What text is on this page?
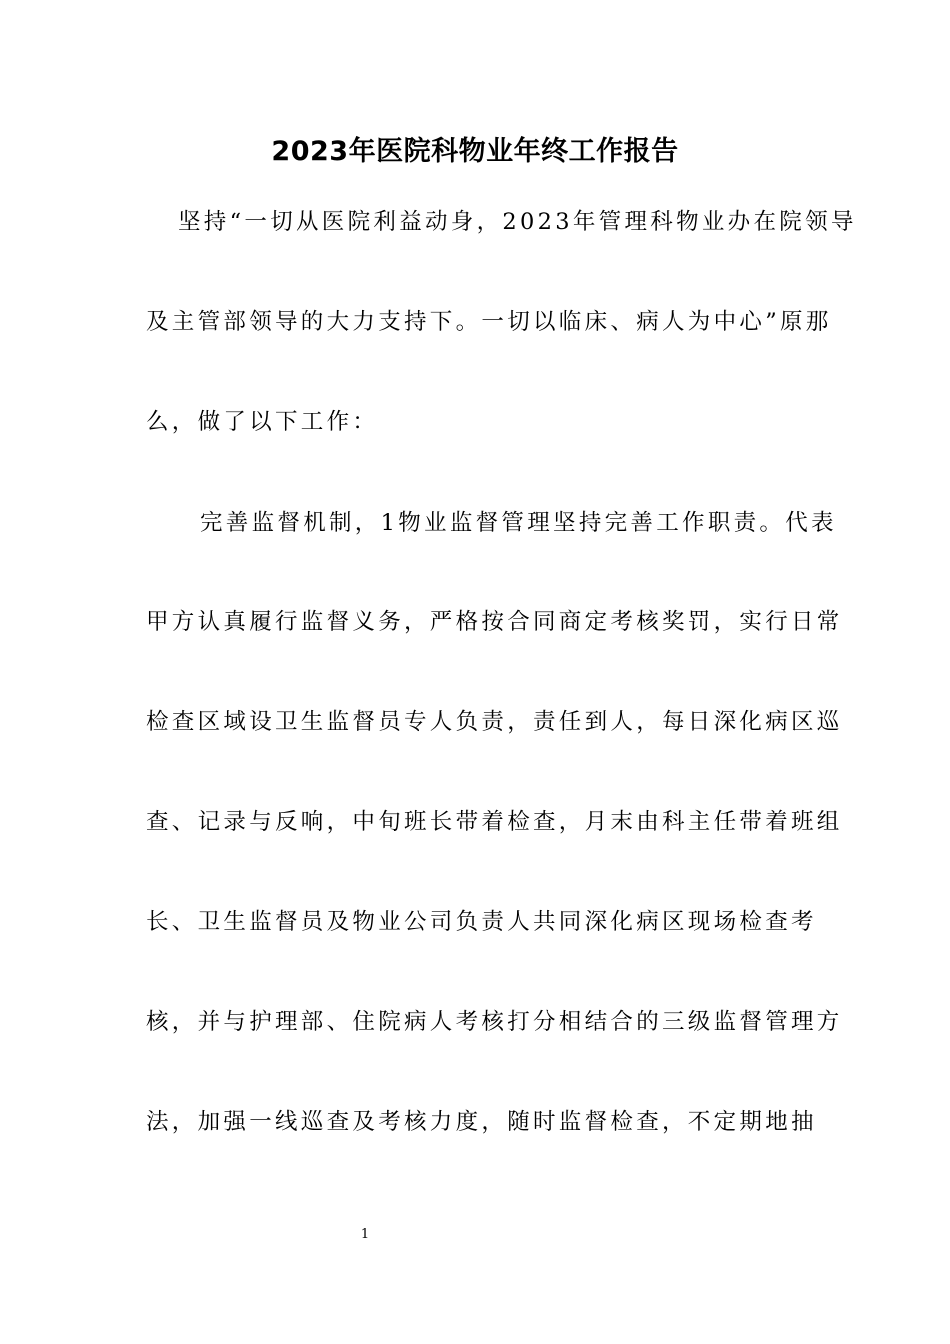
2023年医院科物业年终工作报告
坚持“一切从医院利益动身，2023年管理科物业办在院领导
及主管部领导的大力支持下。一切以临床、病人为中心”原那
么，做了以下工作：
完善监督机制，1物业监督管理坚持完善工作职责。代表
甲方认真履行监督义务，严格按合同商定考核奖罚，实行日常
检查区域设卫生监督员专人负责，责任到人，每日深化病区巡
查、记录与反响，中旬班长带着检查，月末由科主任带着班组
长、卫生监督员及物业公司负责人共同深化病区现场检查考
核，并与护理部、住院病人考核打分相结合的三级监督管理方
法，加强一线巡查及考核力度，随时监督检查，不定期地抽
1
